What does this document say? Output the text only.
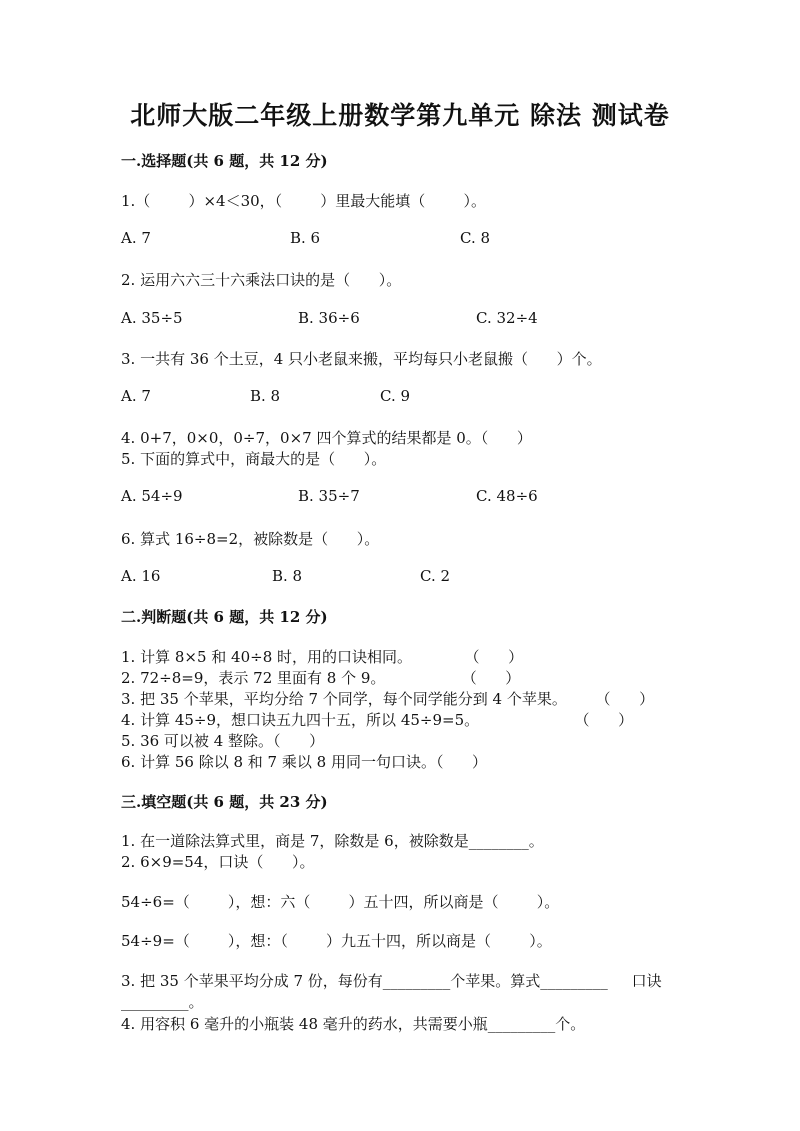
北师大版二年级上册数学第九单元 除法 测试卷
一.选择题(共 6 题，共 12 分)
1.（        ）×4＜30，（        ）里最大能填（        ）。
A. 7	B. 6	C. 8
2. 运用六六三十六乘法口诀的是（      ）。
A. 35÷5	B. 36÷6	C. 32÷4
3. 一共有 36 个土豆，4 只小老鼠来搬，平均每只小老鼠搬（      ）个。
A. 7	B. 8	C. 9
4. 0+7，0×0，0÷7，0×7 四个算式的结果都是 0。（      ）
5. 下面的算式中，商最大的是（      ）。
A. 54÷9	B. 35÷7	C. 48÷6
6. 算式 16÷8=2，被除数是（      ）。
A. 16	B. 8	C. 2
二.判断题(共 6 题，共 12 分)
1. 计算 8×5 和 40÷8 时，用的口诀相同。           （      ）
2. 72÷8=9，表示 72 里面有 8 个 9。                （      ）
3. 把 35 个苹果，平均分给 7 个同学，每个同学能分到 4 个苹果。      （      ）
4. 计算 45÷9，想口诀五九四十五，所以 45÷9=5。                    （      ）
5. 36 可以被 4 整除。（      ）
6. 计算 56 除以 8 和 7 乘以 8 用同一句口诀。（      ）
三.填空题(共 6 题，共 23 分)
1. 在一道除法算式里，商是 7，除数是 6，被除数是________。
2. 6×9=54，口诀（      ）。
54÷6=（        ），想：六（        ）五十四，所以商是（        ）。
54÷9=（        ），想：（        ）九五十四，所以商是（        ）。
3. 把 35 个苹果平均分成 7 份，每份有_________个苹果。算式_________     口诀
_________。
4. 用容积 6 毫升的小瓶装 48 毫升的药水，共需要小瓶_________个。
